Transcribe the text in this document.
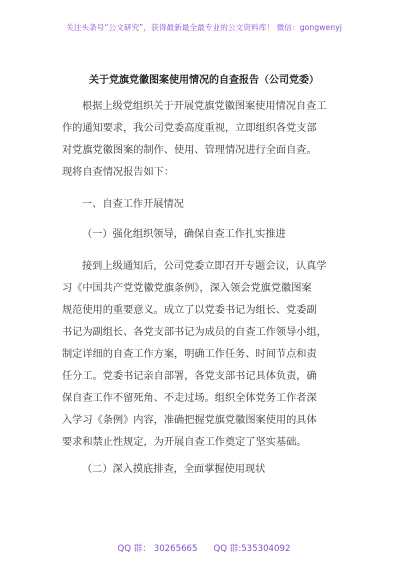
关注头条号“公文研究”，获得最新最全最专业的公文资料库！ 微信：gongwenyj
关于党旗党徽图案使用情况的自查报告（公司党委）
根据上级党组织关于开展党旗党徽图案使用情况自查工
作的通知要求，我公司党委高度重视，立即组织各党支部
对党旗党徽图案的制作、使用、管理情况进行全面自查。
现将自查情况报告如下：
一、自查工作开展情况
（一）强化组织领导，确保自查工作扎实推进
接到上级通知后，公司党委立即召开专题会议，认真学
习《中国共产党党徽党旗条例》，深入领会党旗党徽图案
规范使用的重要意义。成立了以党委书记为组长、党委副
书记为副组长、各党支部书记为成员的自查工作领导小组，
制定详细的自查工作方案，明确工作任务、时间节点和责
任分工。党委书记亲自部署，各党支部书记具体负责，确
保自查工作不留死角、不走过场。组织全体党务工作者深
入学习《条例》内容，准确把握党旗党徽图案使用的具体
要求和禁止性规定，为开展自查工作奠定了坚实基础。
（二）深入摸底排查，全面掌握使用现状
QQ 群： 30265665 QQ 群:535304092
